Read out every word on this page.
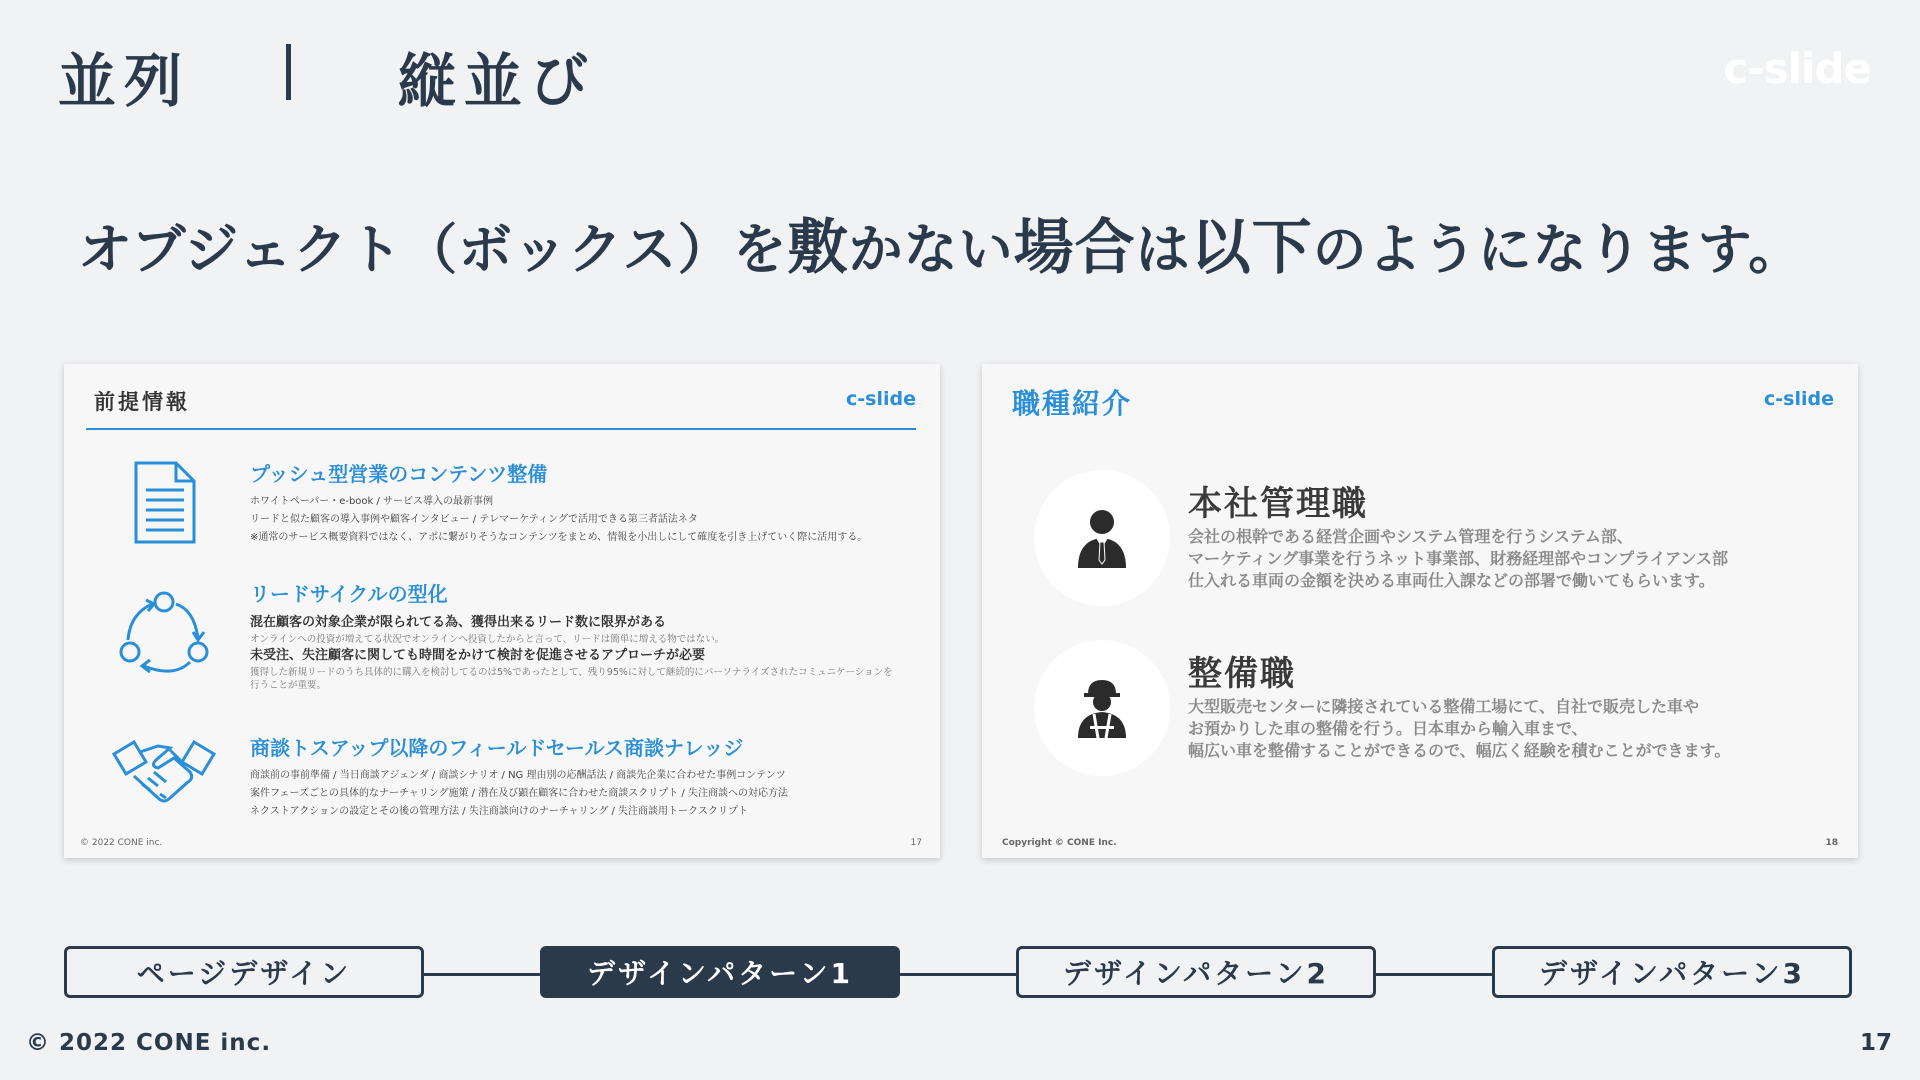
並列	縦並び	c-slide
オブジェクト（ボックス）を敷かない場合は以下のようになります。
前提情報	c-slide
プッシュ型営業のコンテンツ整備

ホワイトペーパー・e-book / サービス導入の最新事例

リードと似た顧客の導入事例や顧客インタビュー / テレマーケティングで活用できる第三者話法ネタ

※通常のサービス概要資料ではなく、アポに繋がりそうなコンテンツをまとめ、情報を小出しにして確度を引き上げていく際に活用する。

リードサイクルの型化

混在顧客の対象企業が限られてる為、獲得出来るリード数に限界がある

オンラインへの投資が増えてる状況でオンラインへ投資したからと言って、リードは簡単に増える物ではない。

未受注、失注顧客に関しても時間をかけて検討を促進させるアプローチが必要

獲得した新規リードのうち具体的に購入を検討してるのは5%であったとして、残り95%に対して継続的にパーソナライズされたコミュニケーションを行うことが重要。

商談トスアップ以降のフィールドセールス商談ナレッジ

商談前の事前準備 / 当日商談アジェンダ / 商談シナリオ / NG 理由別の応酬話法 / 商談先企業に合わせた事例コンテンツ

案件フェーズごとの具体的なナーチャリング施策 / 潜在及び顕在顧客に合わせた商談スクリプト / 失注商談への対応方法

ネクストアクションの設定とその後の管理方法 / 失注商談向けのナーチャリング / 失注商談用トークスクリプト

© 2022 CONE inc.	17
職種紹介	c-slide
本社管理職
会社の根幹である経営企画やシステム管理を行うシステム部、
マーケティング事業を行うネット事業部、財務経理部やコンプライアンス部
仕入れる車両の金額を決める車両仕入課などの部署で働いてもらいます。
整備職
大型販売センターに隣接されている整備工場にて、自社で販売した車や
お預かりした車の整備を行う。日本車から輸入車まで、
幅広い車を整備することができるので、幅広く経験を積むことができます。
Copyright © CONE Inc.	18
ページデザイン	デザインパターン1	デザインパターン2	デザインパターン3
© 2022 CONE inc.	17
